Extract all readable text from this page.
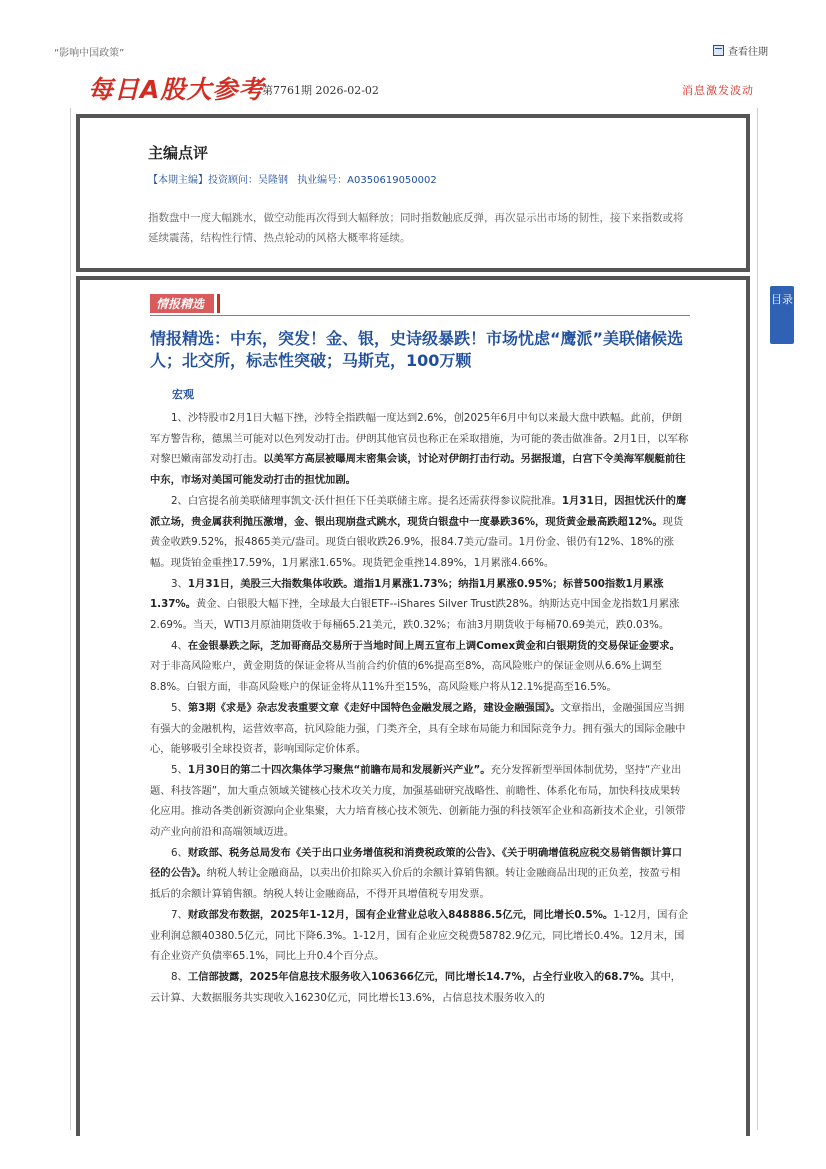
“影响中国政策”	查看往期
每日A股大参考
第7761期 2026-02-02	消息激发波动
主编点评
【本期主编】投资顾问：吴隆钢 执业编号：A0350619050002
指数盘中一度大幅跳水，做空动能再次得到大幅释放；同时指数触底反弹，再次显示出市场的韧性，接下来指数或将延续震荡，结构性行情、热点轮动的风格大概率将延续。
情报精选
情报精选：中东，突发！金、银，史诗级暴跌！市场忧虑“鹰派”美联储候选人；北交所，标志性突破；马斯克，100万颗
宏观

1、沙特股市2月1日大幅下挫，沙特全指跌幅一度达到2.6%，创2025年6月中旬以来最大盘中跌幅。此前，伊朗军方警告称，德黑兰可能对以色列发动打击。伊朗其他官员也称正在采取措施，为可能的袭击做准备。2月1日，以军称对黎巴嫩南部发动打击。以美军方高层被曝周末密集会谈，讨论对伊朗打击行动。另据报道，白宫下令美海军舰艇前往中东，市场对美国可能发动打击的担忧加剧。

2、白宫提名前美联储理事凯文·沃什担任下任美联储主席。提名还需获得参议院批准。1月31日，因担忧沃什的鹰派立场，贵金属获利抛压激增，金、银出现崩盘式跳水，现货白银盘中一度暴跌36%，现货黄金最高跌超12%。现货黄金收跌9.52%，报4865美元/盎司。现货白银收跌26.9%，报84.7美元/盎司。1月份金、银仍有12%、18%的涨幅。现货铂金重挫17.59%，1月累涨1.65%。现货钯金重挫14.89%，1月累涨4.66%。

3、1月31日，美股三大指数集体收跌。道指1月累涨1.73%；纳指1月累涨0.95%；标普500指数1月累涨1.37%。黄金、白银股大幅下挫，全球最大白银ETF--iShares Silver Trust跌28%。纳斯达克中国金龙指数1月累涨2.69%。当天，WTI3月原油期货收于每桶65.21美元，跌0.32%；布油3月期货收于每桶70.69美元，跌0.03%。

4、在金银暴跌之际，芝加哥商品交易所于当地时间上周五宣布上调Comex黄金和白银期货的交易保证金要求。对于非高风险账户，黄金期货的保证金将从当前合约价值的6%提高至8%，高风险账户的保证金则从6.6%上调至8.8%。白银方面，非高风险账户的保证金将从11%升至15%，高风险账户将从12.1%提高至16.5%。

5、第3期《求是》杂志发表重要文章《走好中国特色金融发展之路，建设金融强国》。文章指出，金融强国应当拥有强大的金融机构，运营效率高，抗风险能力强，门类齐全，具有全球布局能力和国际竞争力。拥有强大的国际金融中心，能够吸引全球投资者，影响国际定价体系。

5、1月30日的第二十四次集体学习聚焦“前瞻布局和发展新兴产业”。充分发挥新型举国体制优势，坚持“产业出题、科技答题”，加大重点领域关键核心技术攻关力度，加强基础研究战略性、前瞻性、体系化布局，加快科技成果转化应用。推动各类创新资源向企业集聚，大力培育核心技术领先、创新能力强的科技领军企业和高新技术企业，引领带动产业向前沿和高端领域迈进。

6、财政部、税务总局发布《关于出口业务增值税和消费税政策的公告》、《关于明确增值税应税交易销售额计算口径的公告》。纳税人转让金融商品，以卖出价扣除买入价后的余额计算销售额。转让金融商品出现的正负差，按盈亏相抵后的余额计算销售额。纳税人转让金融商品，不得开具增值税专用发票。

7、财政部发布数据，2025年1-12月，国有企业营业总收入848886.5亿元，同比增长0.5%。1-12月，国有企业利润总额40380.5亿元，同比下降6.3%。1-12月，国有企业应交税费58782.9亿元，同比增长0.4%。12月末，国有企业资产负债率65.1%，同比上升0.4个百分点。

8、工信部披露，2025年信息技术服务收入106366亿元，同比增长14.7%，占全行业收入的68.7%。其中，云计算、大数据服务共实现收入16230亿元，同比增长13.6%，占信息技术服务收入的

目录
